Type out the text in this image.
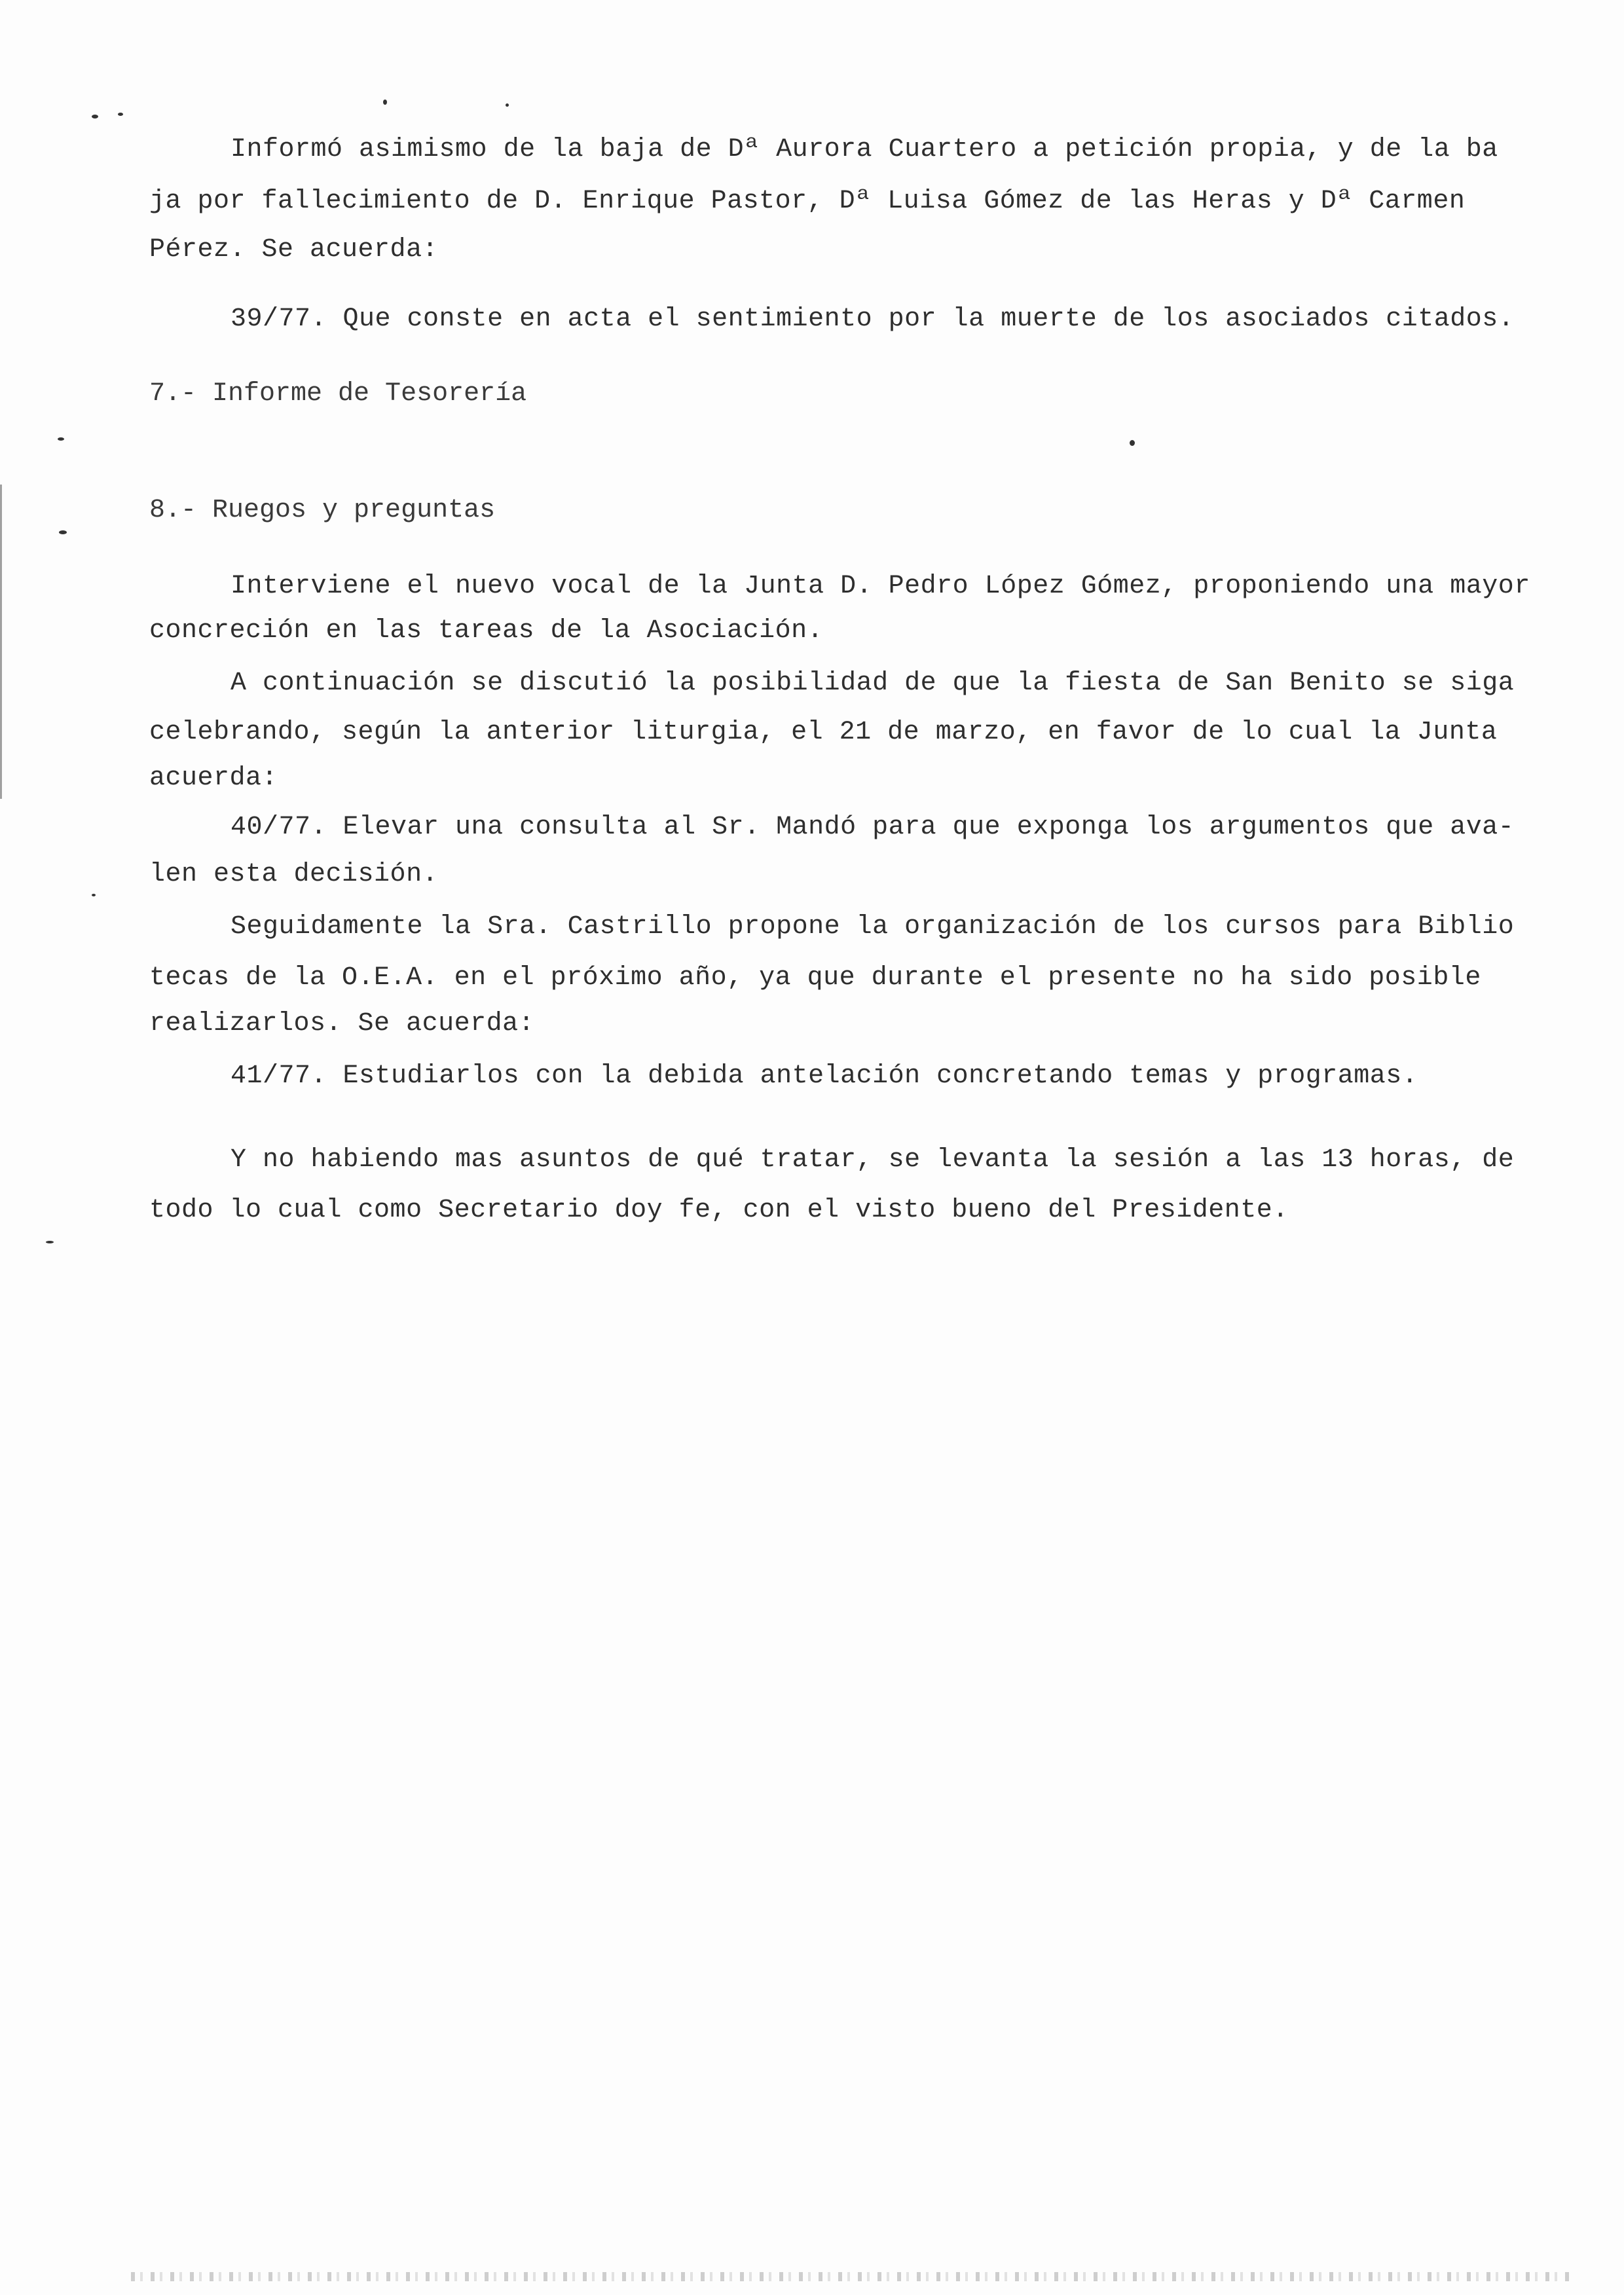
Informó asimismo de la baja de Dª Aurora Cuartero a petición propia, y de la ba
ja por fallecimiento de D. Enrique Pastor, Dª Luisa Gómez de las Heras y Dª Carmen
Pérez. Se acuerda:
39/77. Que conste en acta el sentimiento por la muerte de los asociados citados.
7.- Informe de Tesorería
8.- Ruegos y preguntas
Interviene el nuevo vocal de la Junta D. Pedro López Gómez, proponiendo una mayor
concreción en las tareas de la Asociación.
A continuación se discutió la posibilidad de que la fiesta de San Benito se siga
celebrando, según la anterior liturgia, el 21 de marzo, en favor de lo cual la Junta
acuerda:
40/77. Elevar una consulta al Sr. Mandó para que exponga los argumentos que ava-
len esta decisión.
Seguidamente la Sra. Castrillo propone la organización de los cursos para Biblio
tecas de la O.E.A. en el próximo año, ya que durante el presente no ha sido posible
realizarlos. Se acuerda:
41/77. Estudiarlos con la debida antelación concretando temas y programas.
Y no habiendo mas asuntos de qué tratar, se levanta la sesión a las 13 horas, de
todo lo cual como Secretario doy fe, con el visto bueno del Presidente.
